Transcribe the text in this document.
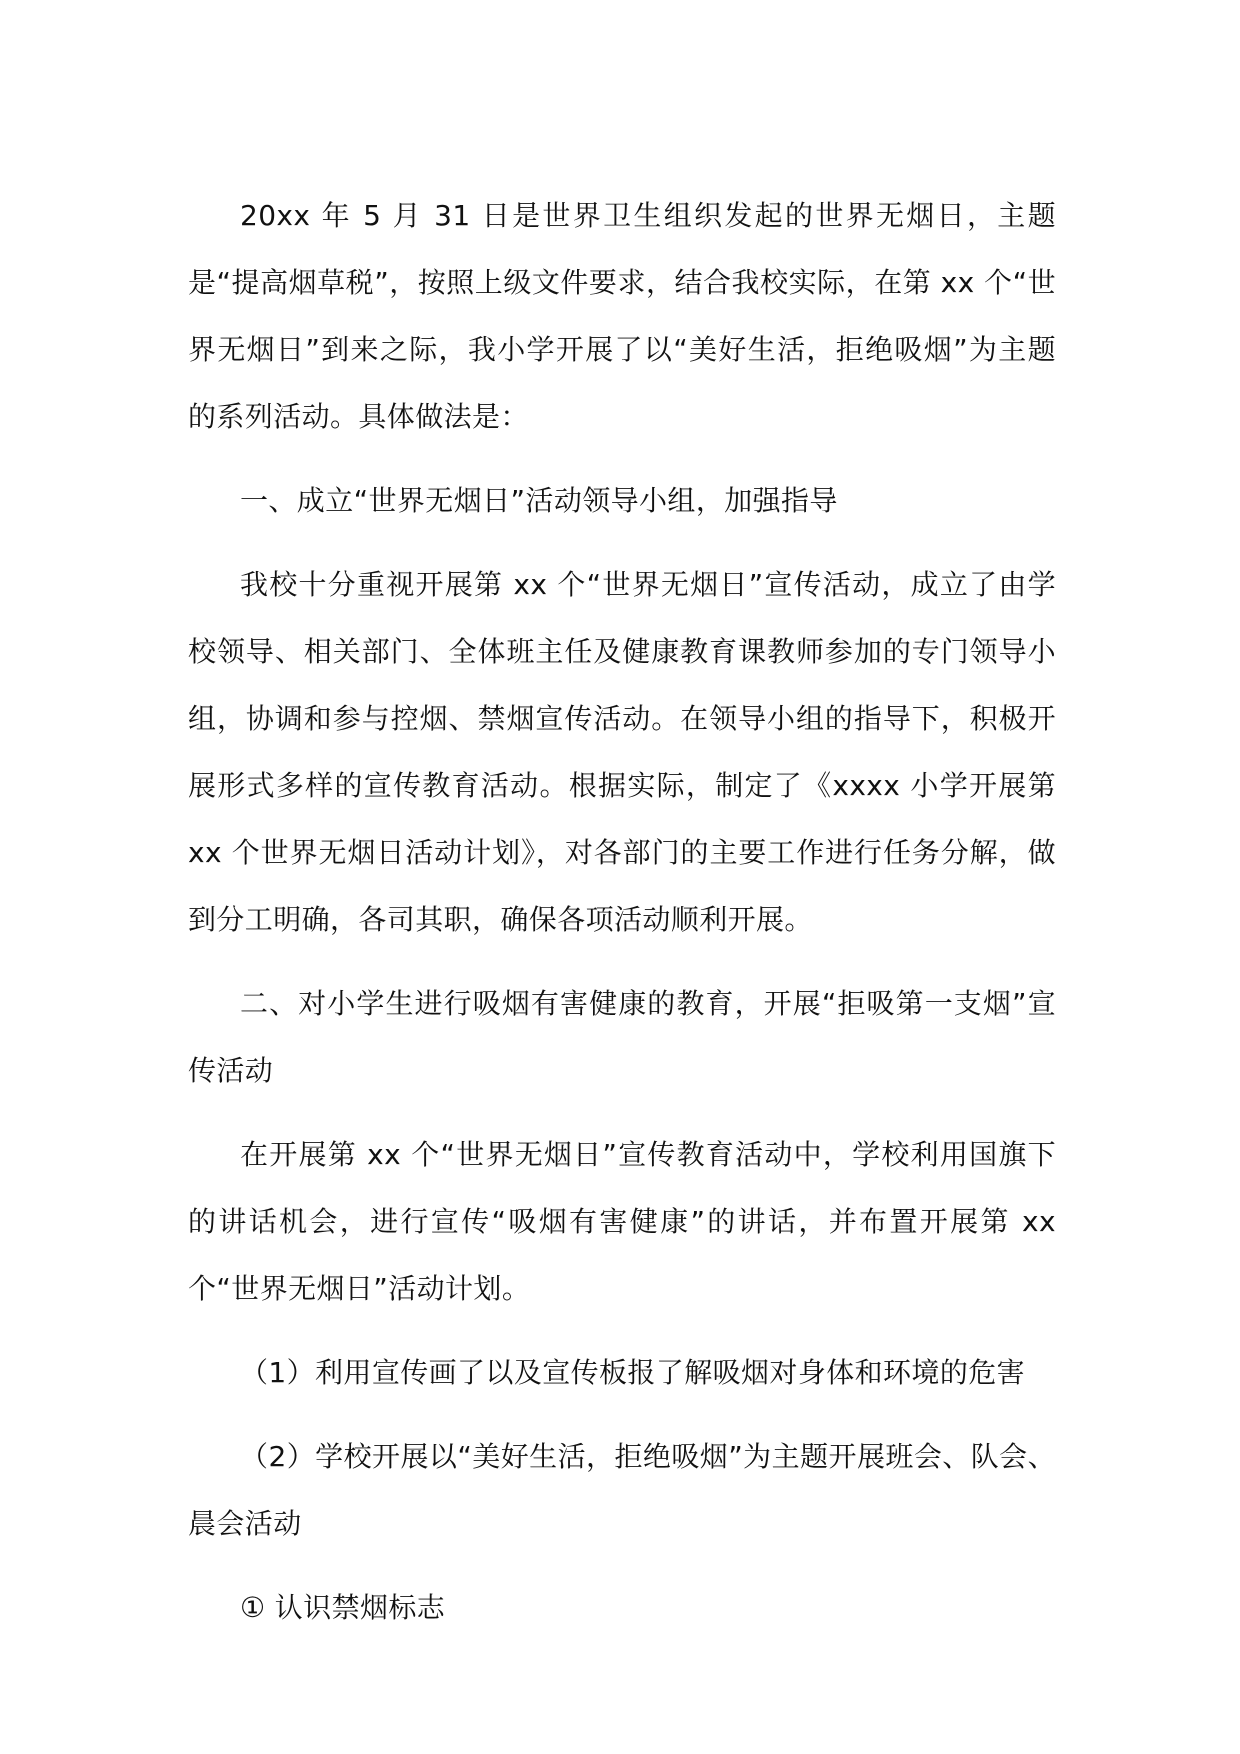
20xx 年 5 月 31 日是世界卫生组织发起的世界无烟日，主题是“提高烟草税”，按照上级文件要求，结合我校实际，在第 xx 个“世界无烟日”到来之际，我小学开展了以“美好生活，拒绝吸烟”为主题的系列活动。具体做法是：

一、成立“世界无烟日”活动领导小组，加强指导

我校十分重视开展第 xx 个“世界无烟日”宣传活动，成立了由学校领导、相关部门、全体班主任及健康教育课教师参加的专门领导小组，协调和参与控烟、禁烟宣传活动。在领导小组的指导下，积极开展形式多样的宣传教育活动。根据实际，制定了《xxxx 小学开展第 xx 个世界无烟日活动计划》，对各部门的主要工作进行任务分解，做到分工明确，各司其职，确保各项活动顺利开展。

二、对小学生进行吸烟有害健康的教育，开展“拒吸第一支烟”宣传活动

在开展第 xx 个“世界无烟日”宣传教育活动中，学校利用国旗下的讲话机会，进行宣传“吸烟有害健康”的讲话，并布置开展第 xx 个“世界无烟日”活动计划。

（1）利用宣传画了以及宣传板报了解吸烟对身体和环境的危害

（2）学校开展以“美好生活，拒绝吸烟”为主题开展班会、队会、晨会活动

① 认识禁烟标志
